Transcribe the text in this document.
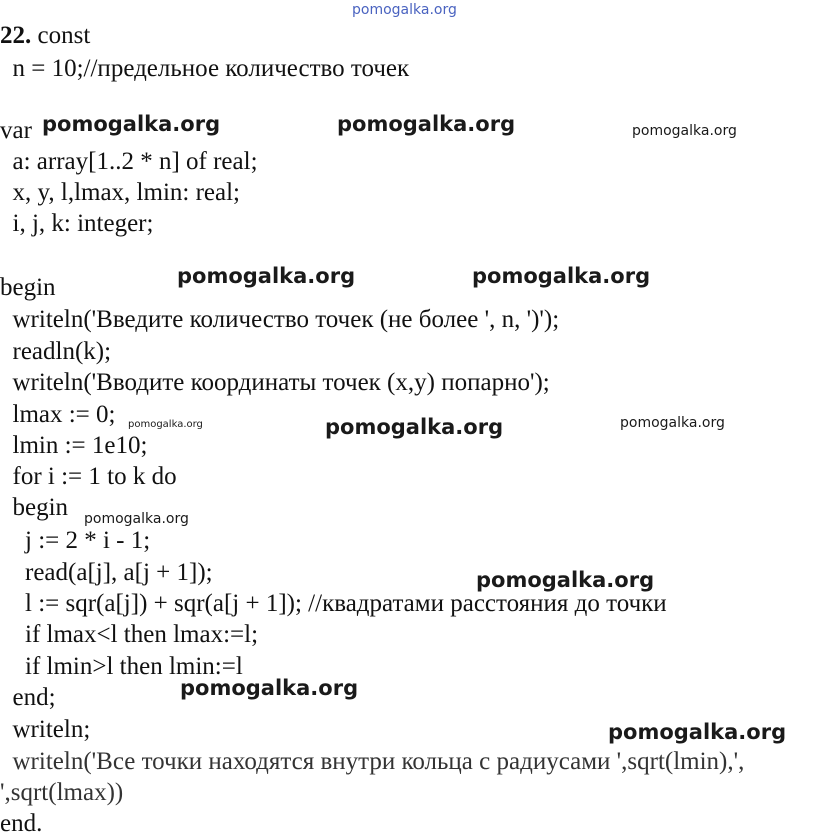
pomogalka.org
22. const
n = 10;//предельное количество точек
var
a: array[1..2 * n] of real;
x, y, l,lmax, lmin: real;
i, j, k: integer;
begin
writeln('Введите количество точек (не более ', n, ')');
readln(k);
writeln('Вводите координаты точек (x,y) попарно');
lmax := 0;
lmin := 1e10;
for i := 1 to k do
begin
j := 2 * i - 1;
read(a[j], a[j + 1]);
l := sqr(a[j]) + sqr(a[j + 1]); //квадратами расстояния до точки
if lmax<l then lmax:=l;
if lmin>l then lmin:=l
end;
writeln;
writeln('Все точки находятся внутри кольца с радиусами ',sqrt(lmin),',
',sqrt(lmax))
end.
pomogalka.org	pomogalka.org	pomogalka.org
pomogalka.org	pomogalka.org
pomogalka.org	pomogalka.org	pomogalka.org
pomogalka.org
pomogalka.org
pomogalka.org
pomogalka.org
